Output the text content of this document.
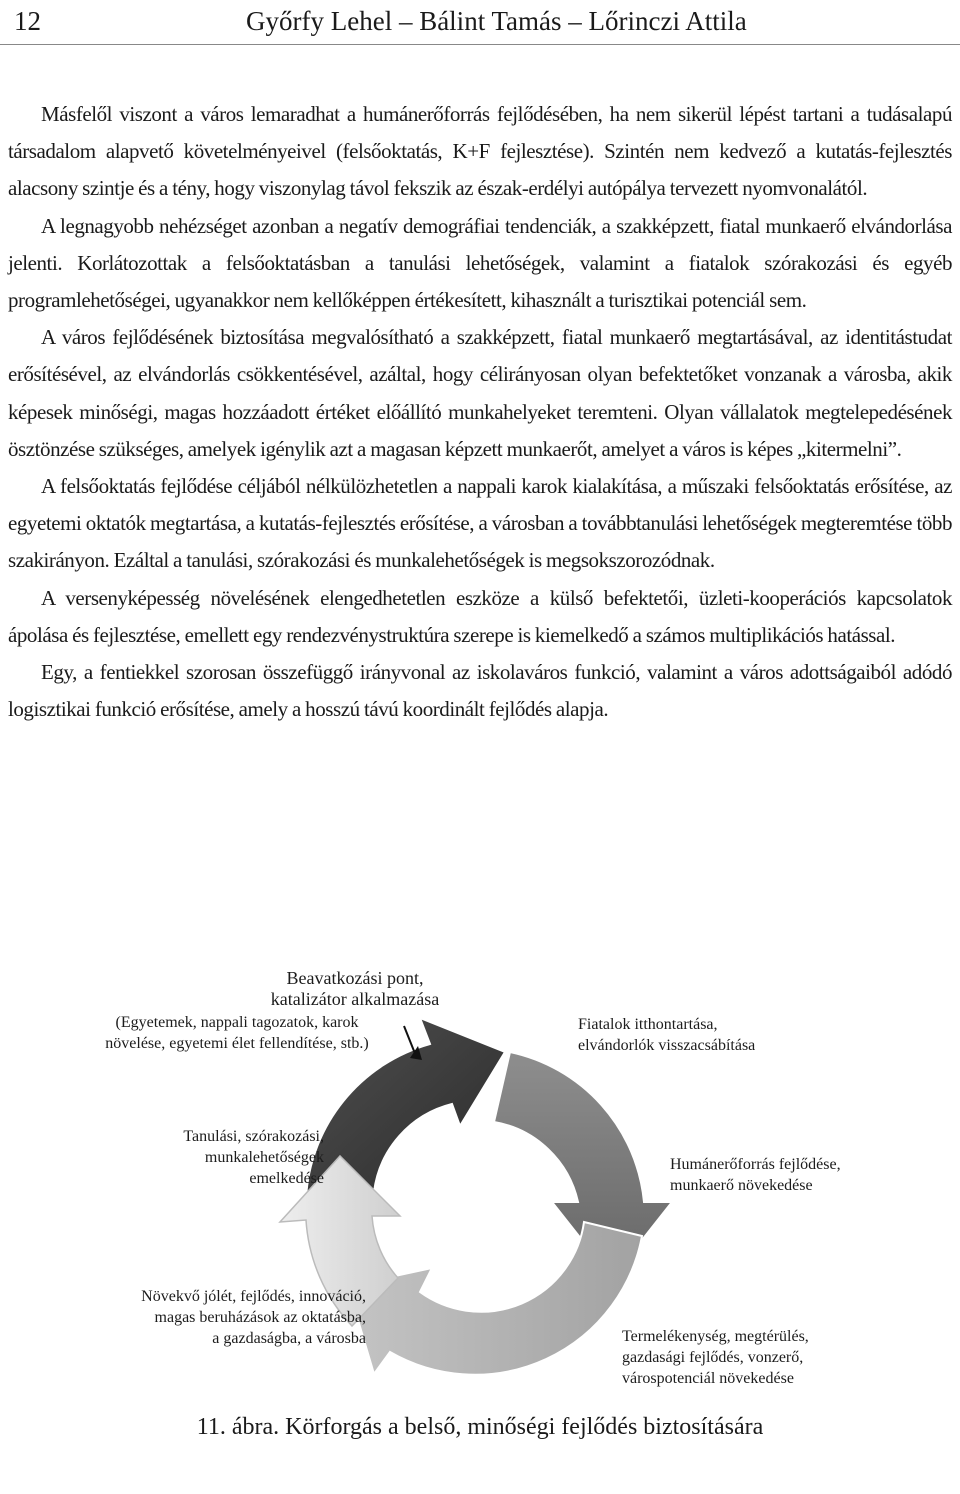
12	Győrfy Lehel – Bálint Tamás – Lőrinczi Attila

Másfelől viszont a város lemaradhat a humánerőforrás fejlődésében, ha nem sikerül lépést tartani a tudásalapú társadalom alapvető követelményeivel (felsőoktatás, K+F fejlesztése). Szintén nem kedvező a kutatás-fejlesztés alacsony szintje és a tény, hogy viszonylag távol fekszik az észak-erdélyi autópálya tervezett nyomvonalától.

A legnagyobb nehézséget azonban a negatív demográfiai tendenciák, a szakképzett, fiatal munkaerő elvándorlása jelenti. Korlátozottak a felsőoktatásban a tanulási lehetőségek, valamint a fiatalok szórakozási és egyéb programlehetőségei, ugyanakkor nem kellőképpen értékesített, kihasznált a turisztikai potenciál sem.

A város fejlődésének biztosítása megvalósítható a szakképzett, fiatal munkaerő megtartásával, az identitástudat erősítésével, az elvándorlás csökkentésével, azáltal, hogy célirányosan olyan befektetőket vonzanak a városba, akik képesek minőségi, magas hozzáadott értéket előállító munkahelyeket teremteni. Olyan vállalatok megtelepedésének ösztönzése szükséges, amelyek igénylik azt a magasan képzett munkaerőt, amelyet a város is képes „kitermelni”.

A felsőoktatás fejlődése céljából nélkülözhetetlen a nappali karok kialakítása, a műszaki felsőoktatás erősítése, az egyetemi oktatók megtartása, a kutatás-fejlesztés erősítése, a városban a továbbtanulási lehetőségek megteremtése több szakirányon. Ezáltal a tanulási, szórakozási és munkalehetőségek is megsokszorozódnak.

A versenyképesség növelésének elengedhetetlen eszköze a külső befektetői, üzleti-kooperációs kapcsolatok ápolása és fejlesztése, emellett egy rendezvénystruktúra szerepe is kiemelkedő a számos multiplikációs hatással.

Egy, a fentiekkel szorosan összefüggő irányvonal az iskolaváros funkció, valamint a város adottságaiból adódó logisztikai funkció erősítése, amely a hosszú távú koordinált fejlődés alapja.

Beavatkozási pont,
katalizátor alkalmazása
(Egyetemek, nappali tagozatok, karok
növelése, egyetemi élet fellendítése, stb.)
Fiatalok itthontartása,
elvándorlók visszacsábítása
Humánerőforrás fejlődése,
munkaerő növekedése
Termelékenység, megtérülés,
gazdasági fejlődés, vonzerő,
várospotenciál növekedése
Növekvő jólét, fejlődés, innováció,
magas beruházások az oktatásba,
a gazdaságba, a városba
Tanulási, szórakozási,
munkalehetőségek
emelkedése
11. ábra. Körforgás a belső, minőségi fejlődés biztosítására
